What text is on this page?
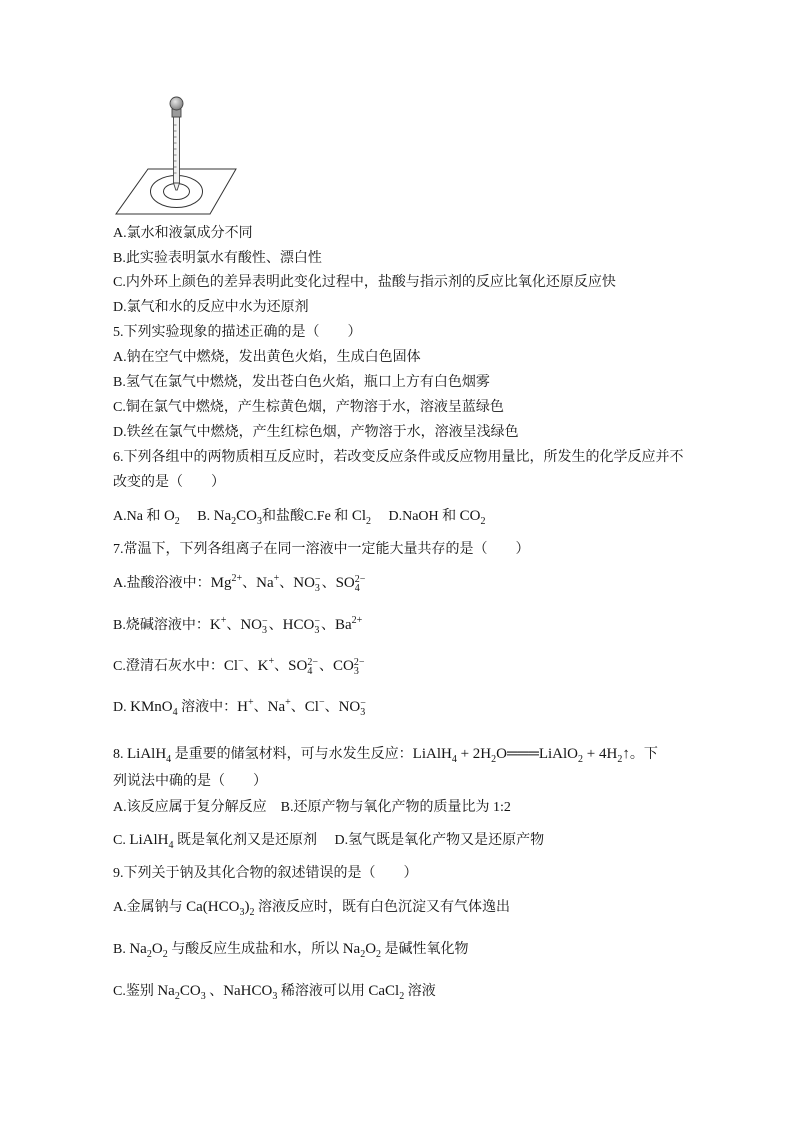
A.氯水和液氯成分不同

B.此实验表明氯水有酸性、漂白性

C.内外环上颜色的差异表明此变化过程中，盐酸与指示剂的反应比氧化还原反应快

D.氯气和水的反应中水为还原剂

5.下列实验现象的描述正确的是（　　）

A.钠在空气中燃烧，发出黄色火焰，生成白色固体

B.氢气在氯气中燃烧，发出苍白色火焰，瓶口上方有白色烟雾

C.铜在氯气中燃烧，产生棕黄色烟，产物溶于水，溶液呈蓝绿色

D.铁丝在氯气中燃烧，产生红棕色烟，产物溶于水，溶液呈浅绿色

6.下列各组中的两物质相互反应时，若改变反应条件或反应物用量比，所发生的化学反应并不

改变的是（　　）

A.Na 和 $O_2$　 B. $Na_2CO_3$和盐酸C.Fe 和 $Cl_2$　 D.NaOH 和 $CO_2$

7.常温下，下列各组离子在同一溶液中一定能大量共存的是（　　）

A.盐酸浴液中：$Mg^{2+}$、Na+、NO −
3 、SO 2−
4

B.烧碱溶液中：K+、NO −
3 、HCO −
3 、$Ba^{2+}$

C.澄清石灰水中：Cl−、K+、SO 2−
4 、CO 2−
3

D. KMnO$_4$ 溶液中：H+、Na+、Cl−、NO −
3

8. LiAlH$_4$ 是重要的储氢材料，可与水发生反应：LiAlH$_4$ + $2H_2O═══LiAlO_2$ + $4H_2↑$。下

列说法中确的是（　　）

A.该反应属于复分解反应　B.还原产物与氧化产物的质量比为 1:2

C. LiAlH$_4$ 既是氧化剂又是还原剂　 D.氢气既是氧化产物又是还原产物

9.下列关于钠及其化合物的叙述错误的是（　　）

A.金属钠与 $Ca(HCO_3)_2$ 溶液反应时，既有白色沉淀又有气体逸出

B. $Na_2O_2$ 与酸反应生成盐和水，所以 $Na_2O_2$ 是碱性氧化物

C.鉴别 $Na_2CO_3$ 、NaHCO$_3$ 稀溶液可以用 CaCl$_2$ 溶液
